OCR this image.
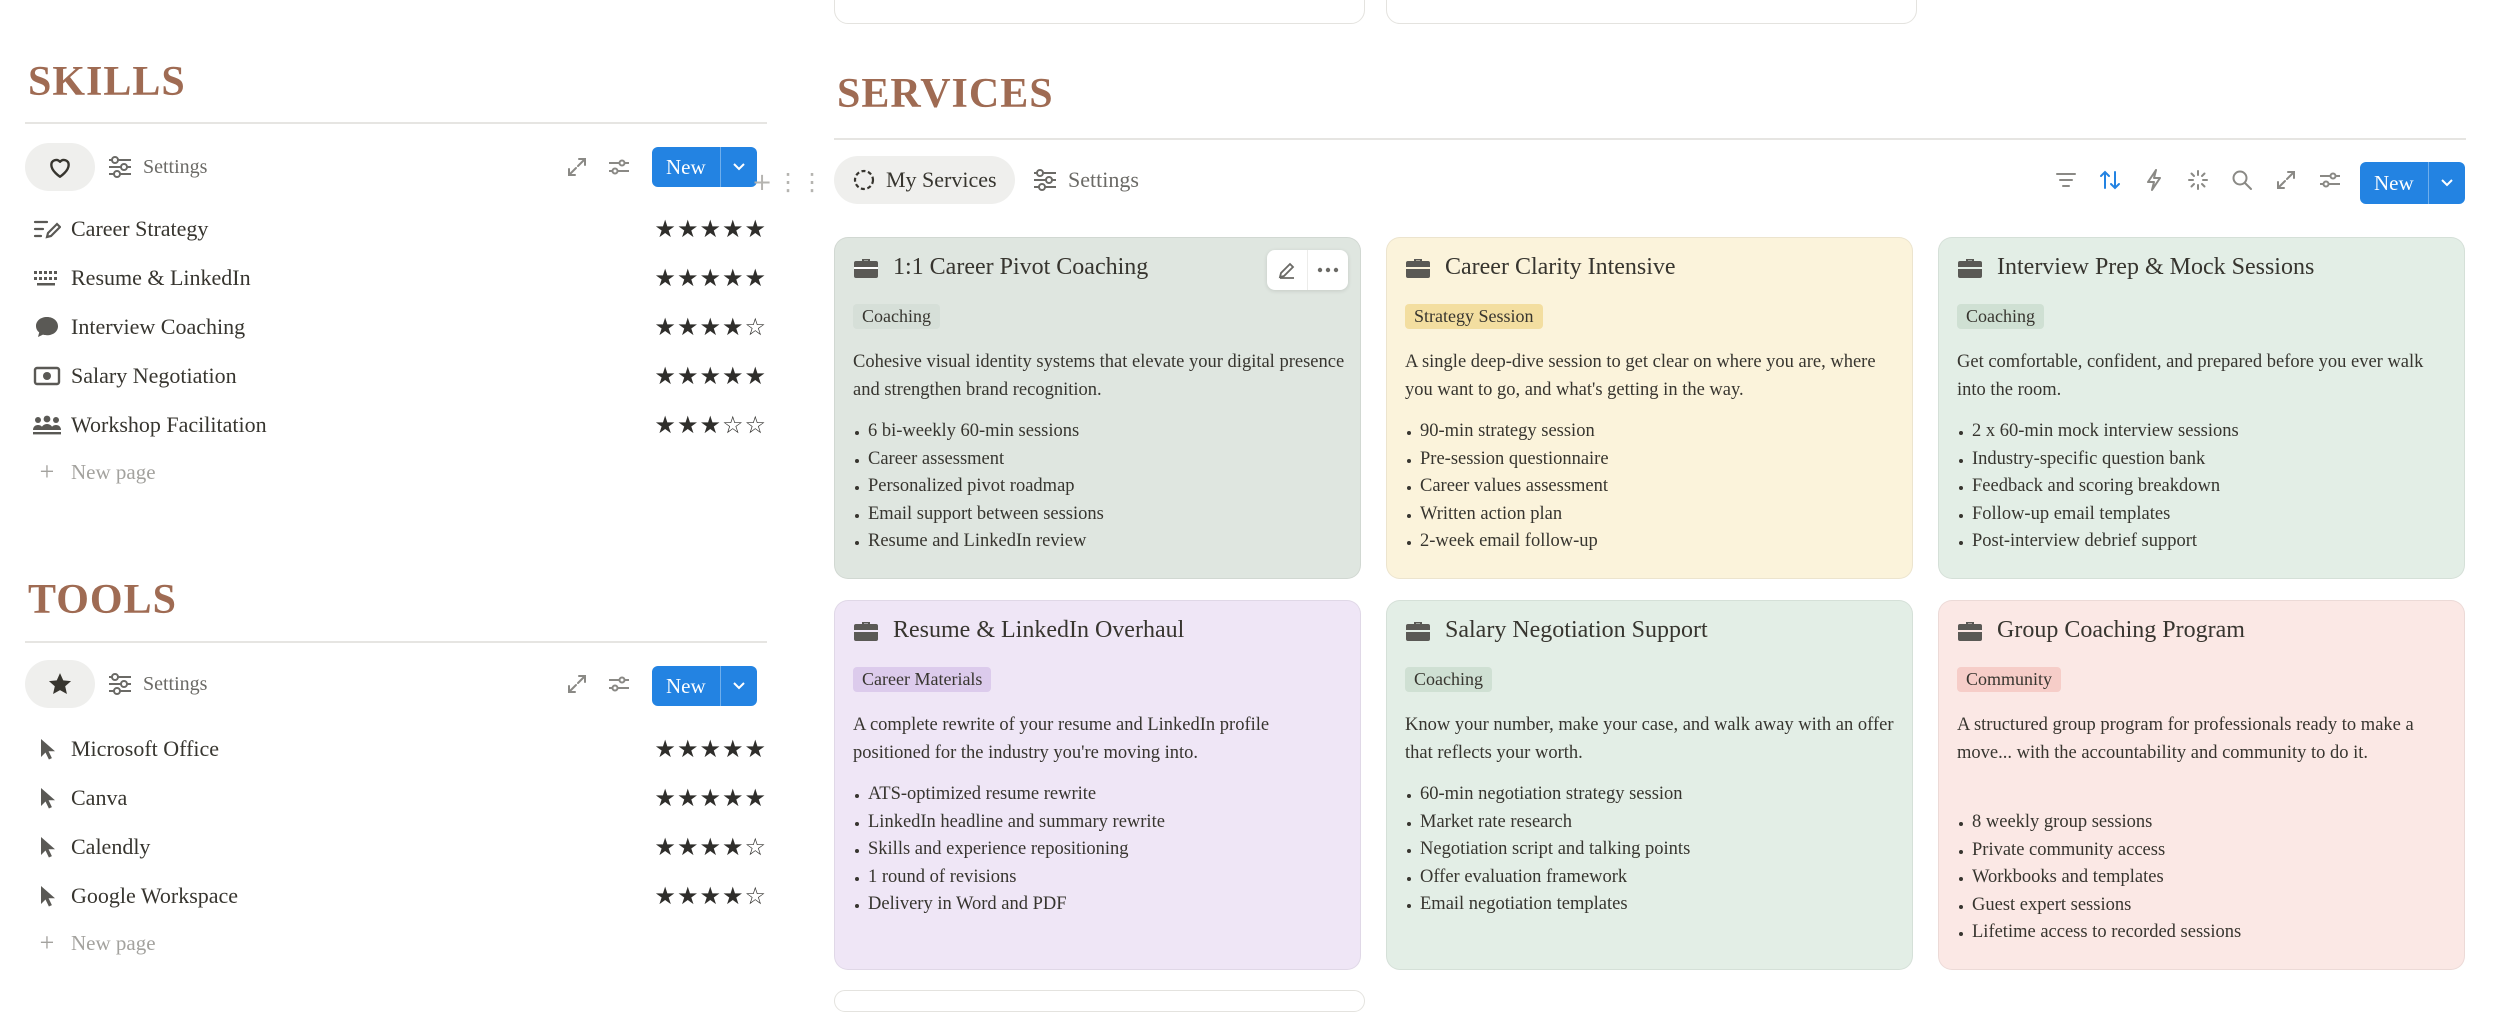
SKILLS
Settings	New
Career Strategy	★★★★★
Resume & LinkedIn	★★★★★
Interview Coaching	★★★★☆
Salary Negotiation	★★★★★
Workshop Facilitation	★★★☆☆
+ New page
TOOLS
Settings	New
Microsoft Office	★★★★★
Canva	★★★★★
Calendly	★★★★☆
Google Workspace	★★★★☆
+ New page
+ ⋮⋮
SERVICES
My Services	Settings	New
1:1 Career Pivot Coaching
Coaching
Cohesive visual identity systems that elevate your digital presence and strengthen brand recognition.
6 bi-weekly 60-min sessions
Career assessment
Personalized pivot roadmap
Email support between sessions
Resume and LinkedIn review
Career Clarity Intensive
Strategy Session
A single deep-dive session to get clear on where you are, where you want to go, and what's getting in the way.
90-min strategy session
Pre-session questionnaire
Career values assessment
Written action plan
2-week email follow-up
Interview Prep & Mock Sessions
Coaching
Get comfortable, confident, and prepared before you ever walk into the room.
2 x 60-min mock interview sessions
Industry-specific question bank
Feedback and scoring breakdown
Follow-up email templates
Post-interview debrief support
Resume & LinkedIn Overhaul
Career Materials
A complete rewrite of your resume and LinkedIn profile positioned for the industry you're moving into.
ATS-optimized resume rewrite
LinkedIn headline and summary rewrite
Skills and experience repositioning
1 round of revisions
Delivery in Word and PDF
Salary Negotiation Support
Coaching
Know your number, make your case, and walk away with an offer that reflects your worth.
60-min negotiation strategy session
Market rate research
Negotiation script and talking points
Offer evaluation framework
Email negotiation templates
Group Coaching Program
Community
A structured group program for professionals ready to make a move... with the accountability and community to do it.
8 weekly group sessions
Private community access
Workbooks and templates
Guest expert sessions
Lifetime access to recorded sessions
